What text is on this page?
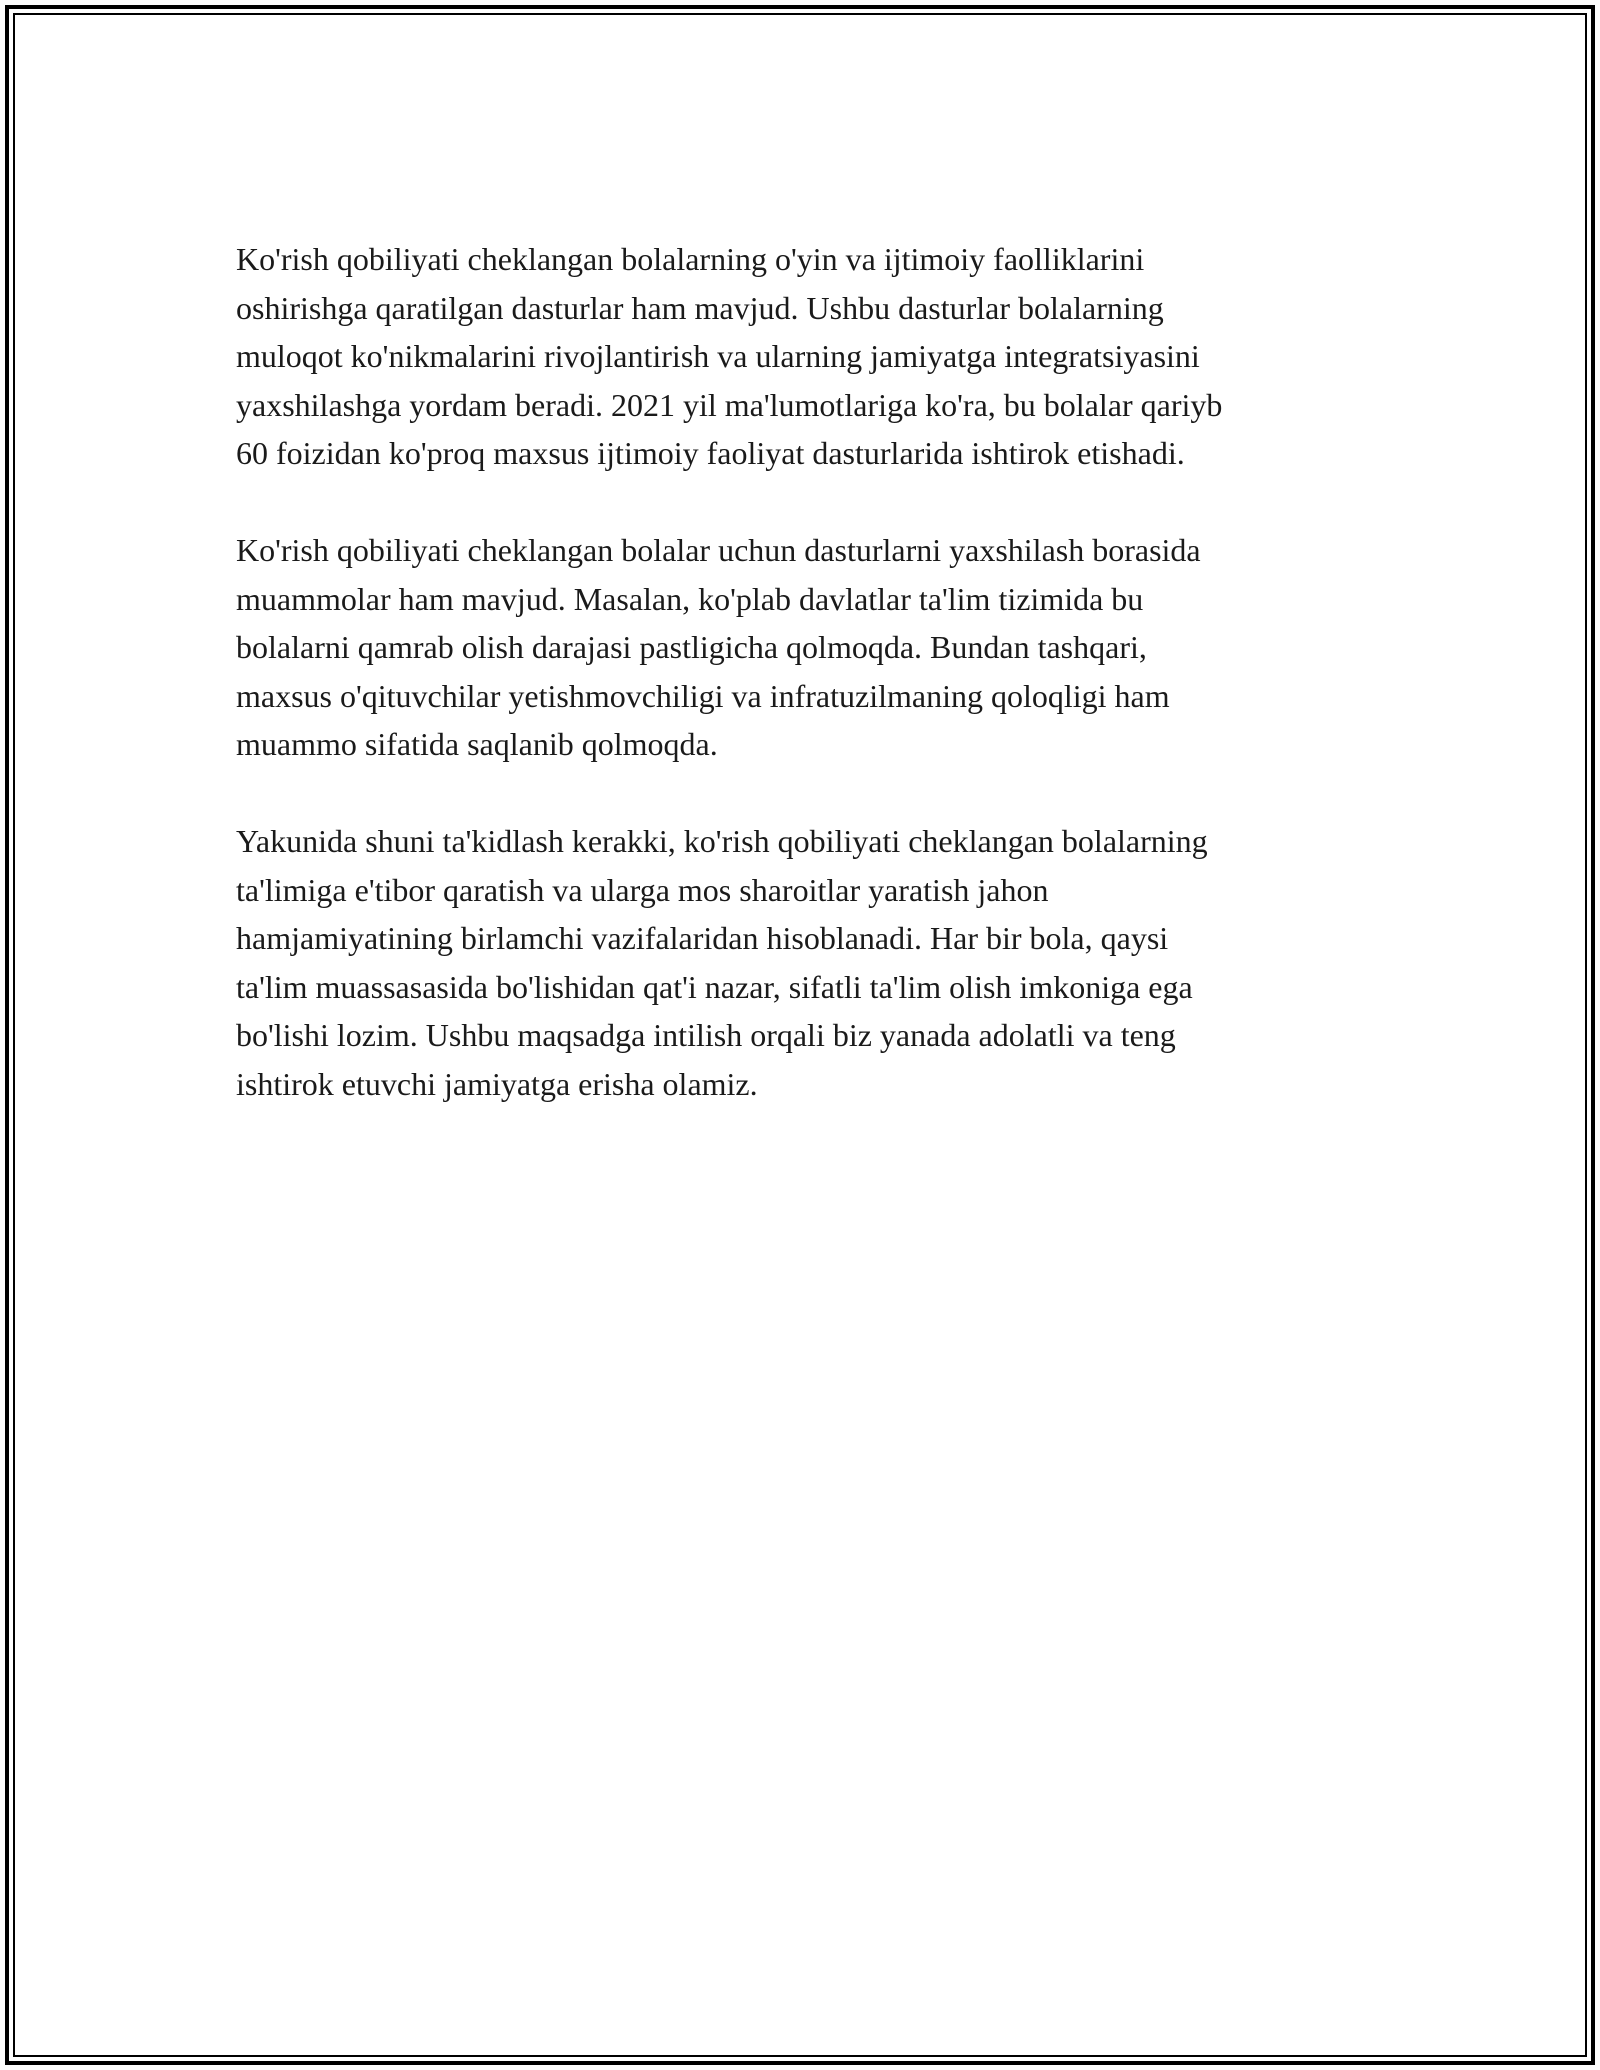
Ko'rish qobiliyati cheklangan bolalarning o'yin va ijtimoiy faolliklarini
oshirishga qaratilgan dasturlar ham mavjud. Ushbu dasturlar bolalarning
muloqot ko'nikmalarini rivojlantirish va ularning jamiyatga integratsiyasini
yaxshilashga yordam beradi. 2021 yil ma'lumotlariga ko'ra, bu bolalar qariyb
60 foizidan ko'proq maxsus ijtimoiy faoliyat dasturlarida ishtirok etishadi.

Ko'rish qobiliyati cheklangan bolalar uchun dasturlarni yaxshilash borasida
muammolar ham mavjud. Masalan, ko'plab davlatlar ta'lim tizimida bu
bolalarni qamrab olish darajasi pastligicha qolmoqda. Bundan tashqari,
maxsus o'qituvchilar yetishmovchiligi va infratuzilmaning qoloqligi ham
muammo sifatida saqlanib qolmoqda.

Yakunida shuni ta'kidlash kerakki, ko'rish qobiliyati cheklangan bolalarning
ta'limiga e'tibor qaratish va ularga mos sharoitlar yaratish jahon
hamjamiyatining birlamchi vazifalaridan hisoblanadi. Har bir bola, qaysi
ta'lim muassasasida bo'lishidan qat'i nazar, sifatli ta'lim olish imkoniga ega
bo'lishi lozim. Ushbu maqsadga intilish orqali biz yanada adolatli va teng
ishtirok etuvchi jamiyatga erisha olamiz.
